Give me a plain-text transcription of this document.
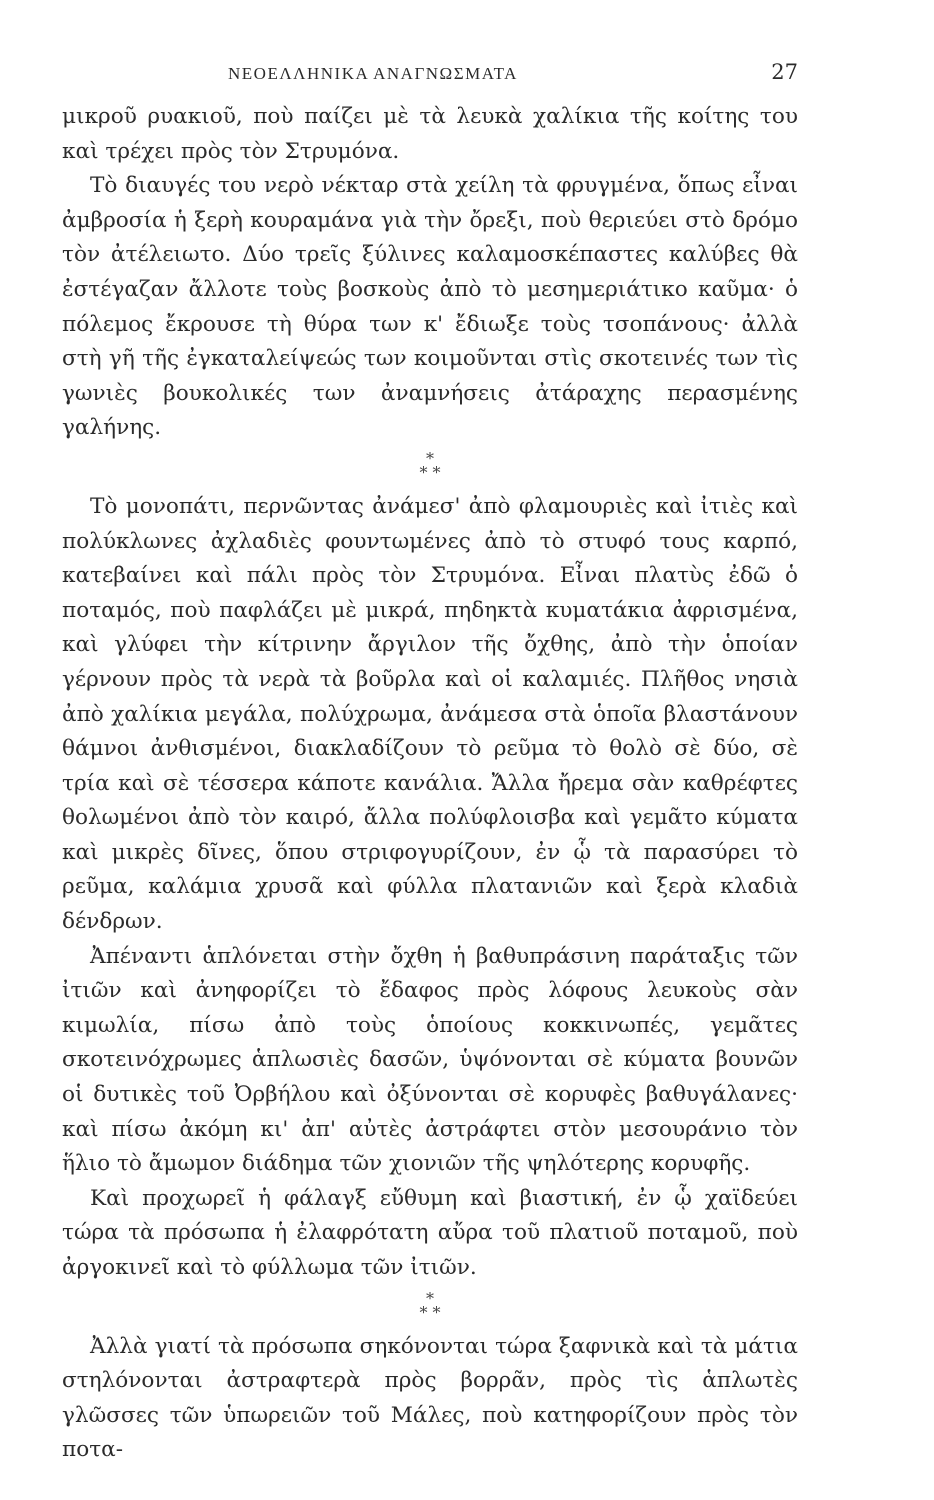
ΝΕΟΕΛΛΗΝΙΚΑ ΑΝΑΓΝΩΣΜΑΤΑ	27

μικροῦ ρυακιοῦ, ποὺ παίζει μὲ τὰ λευκὰ χαλίκια τῆς κοίτης του καὶ τρέχει πρὸς τὸν Στρυμόνα.

Τὸ διαυγές του νερὸ νέκταρ στὰ χείλη τὰ φρυγμένα, ὅπως εἶναι ἀμβροσία ἡ ξερὴ κουραμάνα γιὰ τὴν ὄρεξι, ποὺ θεριεύει στὸ δρόμο τὸν ἀτέλειωτο. Δύο τρεῖς ξύλινες καλαμοσκέπαστες καλύβες θὰ ἐστέγαζαν ἄλλοτε τοὺς βοσκοὺς ἀπὸ τὸ μεσημεριάτικο καῦμα· ὁ πόλεμος ἔκρουσε τὴ θύρα των κ' ἔδιωξε τοὺς τσοπάνους· ἀλλὰ στὴ γῆ τῆς ἐγκαταλείψεώς των κοιμοῦνται στὶς σκοτεινές των τὶς γωνιὲς βουκολικές των ἀναμνήσεις ἀτάραχης περασμένης γαλήνης.

*
* *

Τὸ μονοπάτι, περνῶντας ἀνάμεσ' ἀπὸ φλαμουριὲς καὶ ἰτιὲς καὶ πολύκλωνες ἀχλαδιὲς φουντωμένες ἀπὸ τὸ στυφό τους καρπό, κατεβαίνει καὶ πάλι πρὸς τὸν Στρυμόνα. Εἶναι πλατὺς ἐδῶ ὁ ποταμός, ποὺ παφλάζει μὲ μικρά, πηδηκτὰ κυματάκια ἀφρισμένα, καὶ γλύφει τὴν κίτρινην ἄργιλον τῆς ὄχθης, ἀπὸ τὴν ὁποίαν γέρνουν πρὸς τὰ νερὰ τὰ βοῦρλα καὶ οἱ καλαμιές. Πλῆθος νησιὰ ἀπὸ χαλίκια μεγάλα, πολύχρωμα, ἀνάμεσα στὰ ὁποῖα βλαστάνουν θάμνοι ἀνθισμένοι, διακλαδίζουν τὸ ρεῦμα τὸ θολὸ σὲ δύο, σὲ τρία καὶ σὲ τέσσερα κάποτε κανάλια. Ἄλλα ἤρεμα σὰν καθρέφτες θολωμένοι ἀπὸ τὸν καιρό, ἄλλα πολύφλοισβα καὶ γεμᾶτο κύματα καὶ μικρὲς δῖνες, ὅπου στριφογυρίζουν, ἐν ᾧ τὰ παρασύρει τὸ ρεῦμα, καλάμια χρυσᾶ καὶ φύλλα πλατανιῶν καὶ ξερὰ κλαδιὰ δένδρων.

Ἀπέναντι ἁπλόνεται στὴν ὄχθη ἡ βαθυπράσινη παράταξις τῶν ἰτιῶν καὶ ἀνηφορίζει τὸ ἔδαφος πρὸς λόφους λευκοὺς σὰν κιμωλία, πίσω ἀπὸ τοὺς ὁποίους κοκκινωπές, γεμᾶτες σκοτεινόχρωμες ἁπλωσιὲς δασῶν, ὑψόνονται σὲ κύματα βουνῶν οἱ δυτικὲς τοῦ Ὀρβήλου καὶ ὀξύνονται σὲ κορυφὲς βαθυγάλανες· καὶ πίσω ἀκόμη κι' ἀπ' αὐτὲς ἀστράφτει στὸν μεσουράνιο τὸν ἥλιο τὸ ἄμωμον διάδημα τῶν χιονιῶν τῆς ψηλότερης κορυφῆς.

Καὶ προχωρεῖ ἡ φάλαγξ εὔθυμη καὶ βιαστική, ἐν ᾧ χαϊδεύει τώρα τὰ πρόσωπα ἡ ἐλαφρότατη αὔρα τοῦ πλατιοῦ ποταμοῦ, ποὺ ἀργοκινεῖ καὶ τὸ φύλλωμα τῶν ἰτιῶν.

*
* *

Ἀλλὰ γιατί τὰ πρόσωπα σηκόνονται τώρα ξαφνικὰ καὶ τὰ μάτια στηλόνονται ἀστραφτερὰ πρὸς βορρᾶν, πρὸς τὶς ἁπλωτὲς γλῶσσες τῶν ὑπωρειῶν τοῦ Μάλες, ποὺ κατηφορίζουν πρὸς τὸν ποτα-
